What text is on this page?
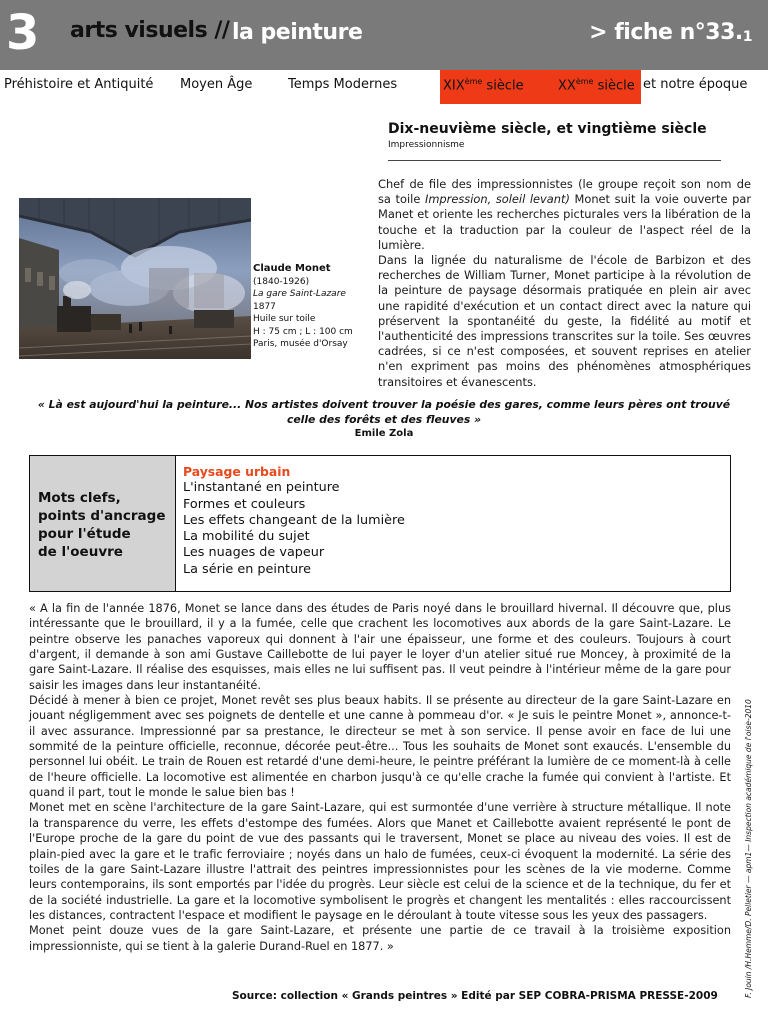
3 arts visuels // la peinture	> fiche $n^\circ 33._1$
Préhistoire et Antiquité Moyen Âge	Temps Modernes	XIXème siècle	XXème siècle et notre époque
Dix-neuvième siècle, et vingtième siècle
Impressionnisme
Claude Monet
(1840-1926)
La gare Saint-Lazare
1877
Huile sur toile
H : 75 cm ; L : 100 cm
Paris, musée d'Orsay

Chef de file des impressionnistes (le groupe reçoit son nom de sa toile Impression, soleil levant) Monet suit la voie ouverte par Manet et oriente les recherches picturales vers la libération de la touche et la traduction par la couleur de l'aspect réel de la lumière.

Dans la lignée du naturalisme de l'école de Barbizon et des recherches de William Turner, Monet participe à la révolution de la peinture de paysage désormais pratiquée en plein air avec une rapidité d'exécution et un contact direct avec la nature qui préservent la spontanéité du geste, la fidélité au motif et l'authenticité des impressions transcrites sur la toile. Ses œuvres cadrées, si ce n'est composées, et souvent reprises en atelier n'en expriment pas moins des phénomènes atmosphériques transitoires et évanescents.

« Là est aujourd'hui la peinture... Nos artistes doivent trouver la poésie des gares, comme leurs pères ont trouvé celle des forêts et des fleuves »
Emile Zola
Mots clefs,
points d'ancrage
pour l'étude
de l'oeuvre
Paysage urbain
L'instantané en peinture
Formes et couleurs
Les effets changeant de la lumière
La mobilité du sujet
Les nuages de vapeur
La série en peinture

« A la fin de l'année 1876, Monet se lance dans des études de Paris noyé dans le brouillard hivernal. Il découvre que, plus intéressante que le brouillard, il y a la fumée, celle que crachent les locomotives aux abords de la gare Saint-Lazare. Le peintre observe les panaches vaporeux qui donnent à l'air une épaisseur, une forme et des couleurs. Toujours à court d'argent, il demande à son ami Gustave Caillebotte de lui payer le loyer d'un atelier situé rue Moncey, à proximité de la gare Saint-Lazare. Il réalise des esquisses, mais elles ne lui suffisent pas. Il veut peindre à l'intérieur même de la gare pour saisir les images dans leur instantanéité.

Décidé à mener à bien ce projet, Monet revêt ses plus beaux habits. Il se présente au directeur de la gare Saint-Lazare en jouant négligemment avec ses poignets de dentelle et une canne à pommeau d'or. « Je suis le peintre Monet », annonce-t-il avec assurance. Impressionné par sa prestance, le directeur se met à son service. Il pense avoir en face de lui une sommité de la peinture officielle, reconnue, décorée peut-être... Tous les souhaits de Monet sont exaucés. L'ensemble du personnel lui obéit. Le train de Rouen est retardé d'une demi-heure, le peintre préférant la lumière de ce moment-là à celle de l'heure officielle. La locomotive est alimentée en charbon jusqu'à ce qu'elle crache la fumée qui convient à l'artiste. Et quand il part, tout le monde le salue bien bas !

Monet met en scène l'architecture de la gare Saint-Lazare, qui est surmontée d'une verrière à structure métallique. Il note la transparence du verre, les effets d'estompe des fumées. Alors que Manet et Caillebotte avaient représenté le pont de l'Europe proche de la gare du point de vue des passants qui le traversent, Monet se place au niveau des voies. Il est de plain-pied avec la gare et le trafic ferroviaire ; noyés dans un halo de fumées, ceux-ci évoquent la modernité. La série des toiles de la gare Saint-Lazare illustre l'attrait des peintres impressionnistes pour les scènes de la vie moderne. Comme leurs contemporains, ils sont emportés par l'idée du progrès. Leur siècle est celui de la science et de la technique, du fer et de la société industrielle. La gare et la locomotive symbolisent le progrès et changent les mentalités : elles raccourcissent les distances, contractent l'espace et modifient le paysage en le déroulant à toute vitesse sous les yeux des passagers.

Monet peint douze vues de la gare Saint-Lazare, et présente une partie de ce travail à la troisième exposition impressionniste, qui se tient à la galerie Durand-Ruel en 1877. »	F. Jouin /H.Hemme/D. Pelletier — apm1— Inspection académique de l'oise-2010
Source: collection « Grands peintres » Edité par SEP COBRA-PRISMA PRESSE-2009
